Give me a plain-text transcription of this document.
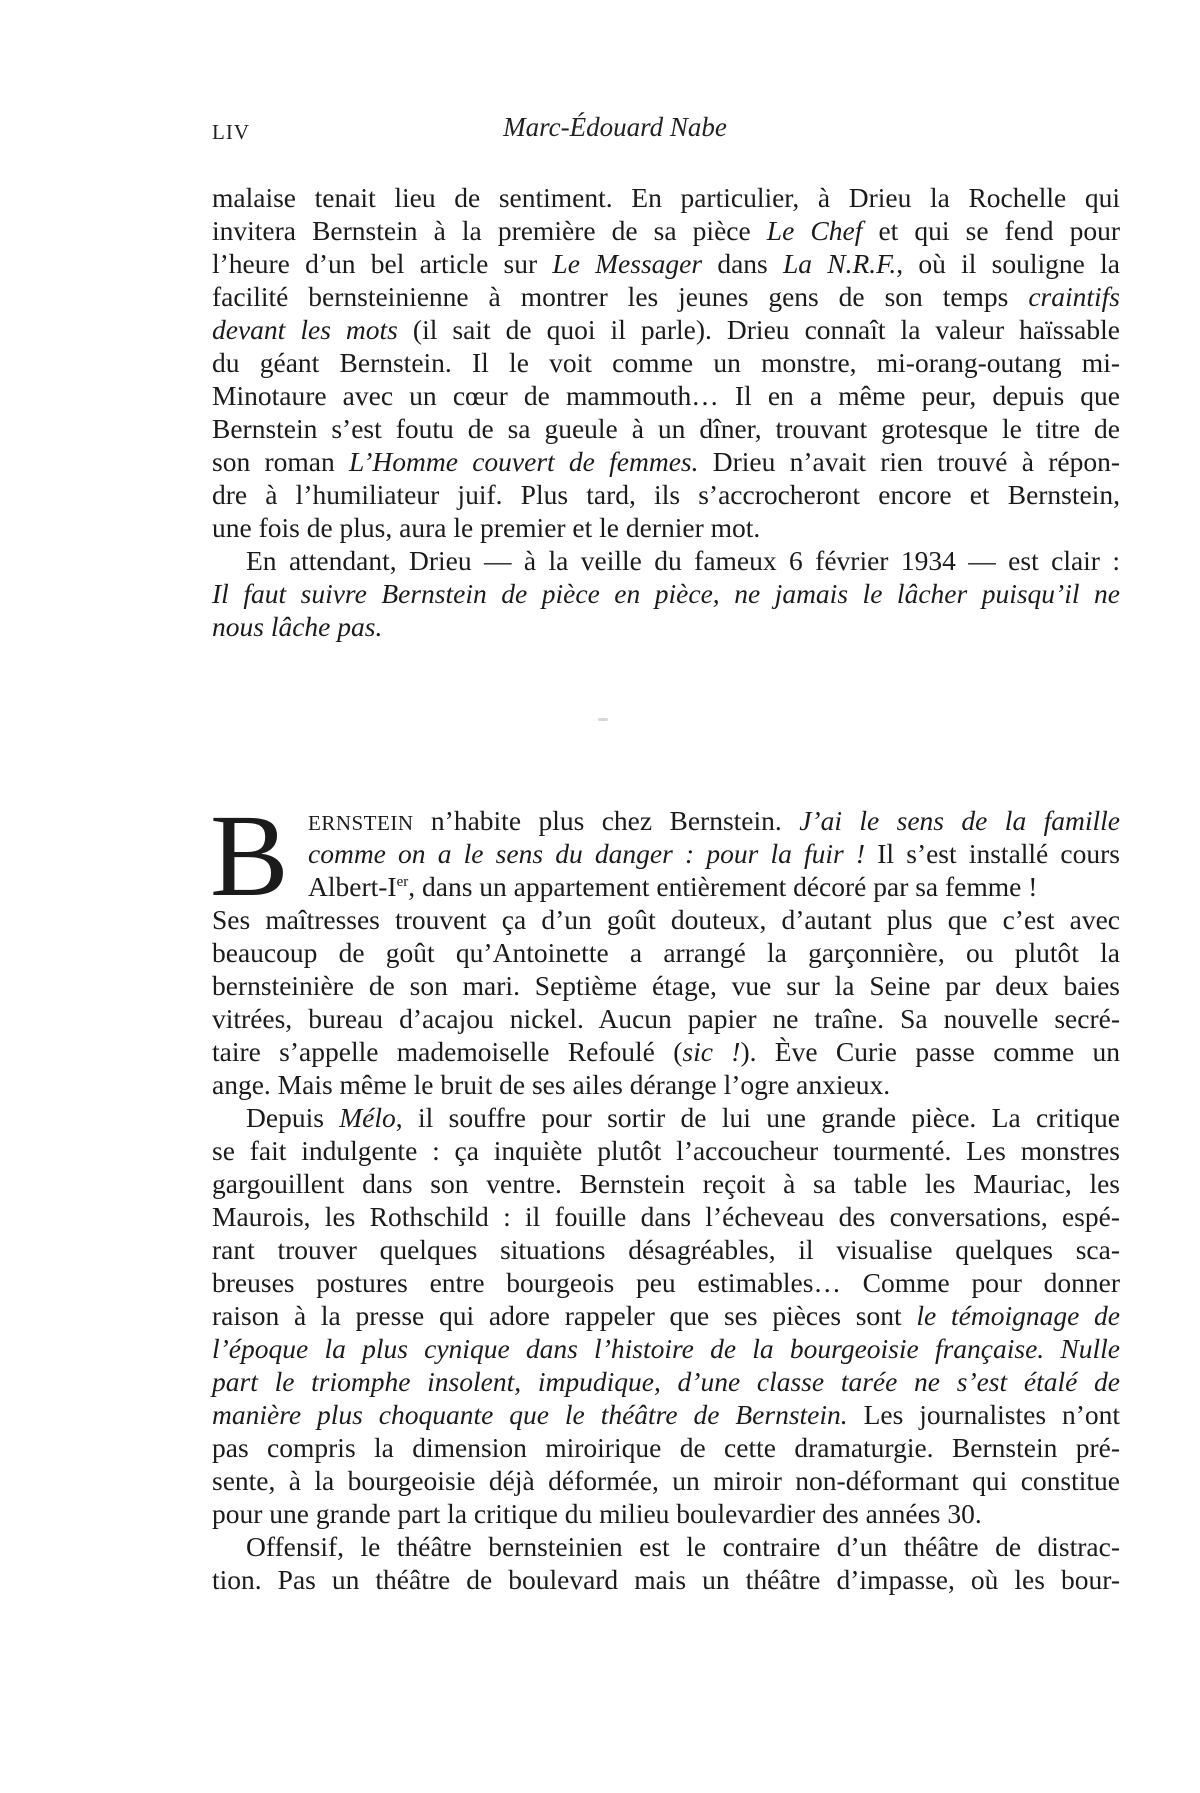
LIV	Marc-Édouard Nabe
malaise tenait lieu de sentiment. En particulier, à Drieu la Rochelle qui
invitera Bernstein à la première de sa pièce Le Chef et qui se fend pour
l’heure d’un bel article sur Le Messager dans La N.R.F., où il souligne la
facilité bernsteinienne à montrer les jeunes gens de son temps craintifs
devant les mots (il sait de quoi il parle). Drieu connaît la valeur haïssable
du géant Bernstein. Il le voit comme un monstre, mi-orang-outang mi-
Minotaure avec un cœur de mammouth… Il en a même peur, depuis que
Bernstein s’est foutu de sa gueule à un dîner, trouvant grotesque le titre de
son roman L’Homme couvert de femmes. Drieu n’avait rien trouvé à répon-
dre à l’humiliateur juif. Plus tard, ils s’accrocheront encore et Bernstein,
une fois de plus, aura le premier et le dernier mot.
En attendant, Drieu — à la veille du fameux 6 février 1934 — est clair :
Il faut suivre Bernstein de pièce en pièce, ne jamais le lâcher puisqu’il ne
nous lâche pas.
B ERNSTEIN n’habite plus chez Bernstein. J’ai le sens de la famille
comme on a le sens du danger : pour la fuir ! Il s’est installé cours
Albert-Ier, dans un appartement entièrement décoré par sa femme !
Ses maîtresses trouvent ça d’un goût douteux, d’autant plus que c’est avec
beaucoup de goût qu’Antoinette a arrangé la garçonnière, ou plutôt la
bernsteinière de son mari. Septième étage, vue sur la Seine par deux baies
vitrées, bureau d’acajou nickel. Aucun papier ne traîne. Sa nouvelle secré-
taire s’appelle mademoiselle Refoulé (sic !). Ève Curie passe comme un
ange. Mais même le bruit de ses ailes dérange l’ogre anxieux.
Depuis Mélo, il souffre pour sortir de lui une grande pièce. La critique
se fait indulgente : ça inquiète plutôt l’accoucheur tourmenté. Les monstres
gargouillent dans son ventre. Bernstein reçoit à sa table les Mauriac, les
Maurois, les Rothschild : il fouille dans l’écheveau des conversations, espé-
rant trouver quelques situations désagréables, il visualise quelques sca-
breuses postures entre bourgeois peu estimables… Comme pour donner
raison à la presse qui adore rappeler que ses pièces sont le témoignage de
l’époque la plus cynique dans l’histoire de la bourgeoisie française. Nulle
part le triomphe insolent, impudique, d’une classe tarée ne s’est étalé de
manière plus choquante que le théâtre de Bernstein. Les journalistes n’ont
pas compris la dimension miroirique de cette dramaturgie. Bernstein pré-
sente, à la bourgeoisie déjà déformée, un miroir non-déformant qui constitue
pour une grande part la critique du milieu boulevardier des années 30.
Offensif, le théâtre bernsteinien est le contraire d’un théâtre de distrac-
tion. Pas un théâtre de boulevard mais un théâtre d’impasse, où les bour-
